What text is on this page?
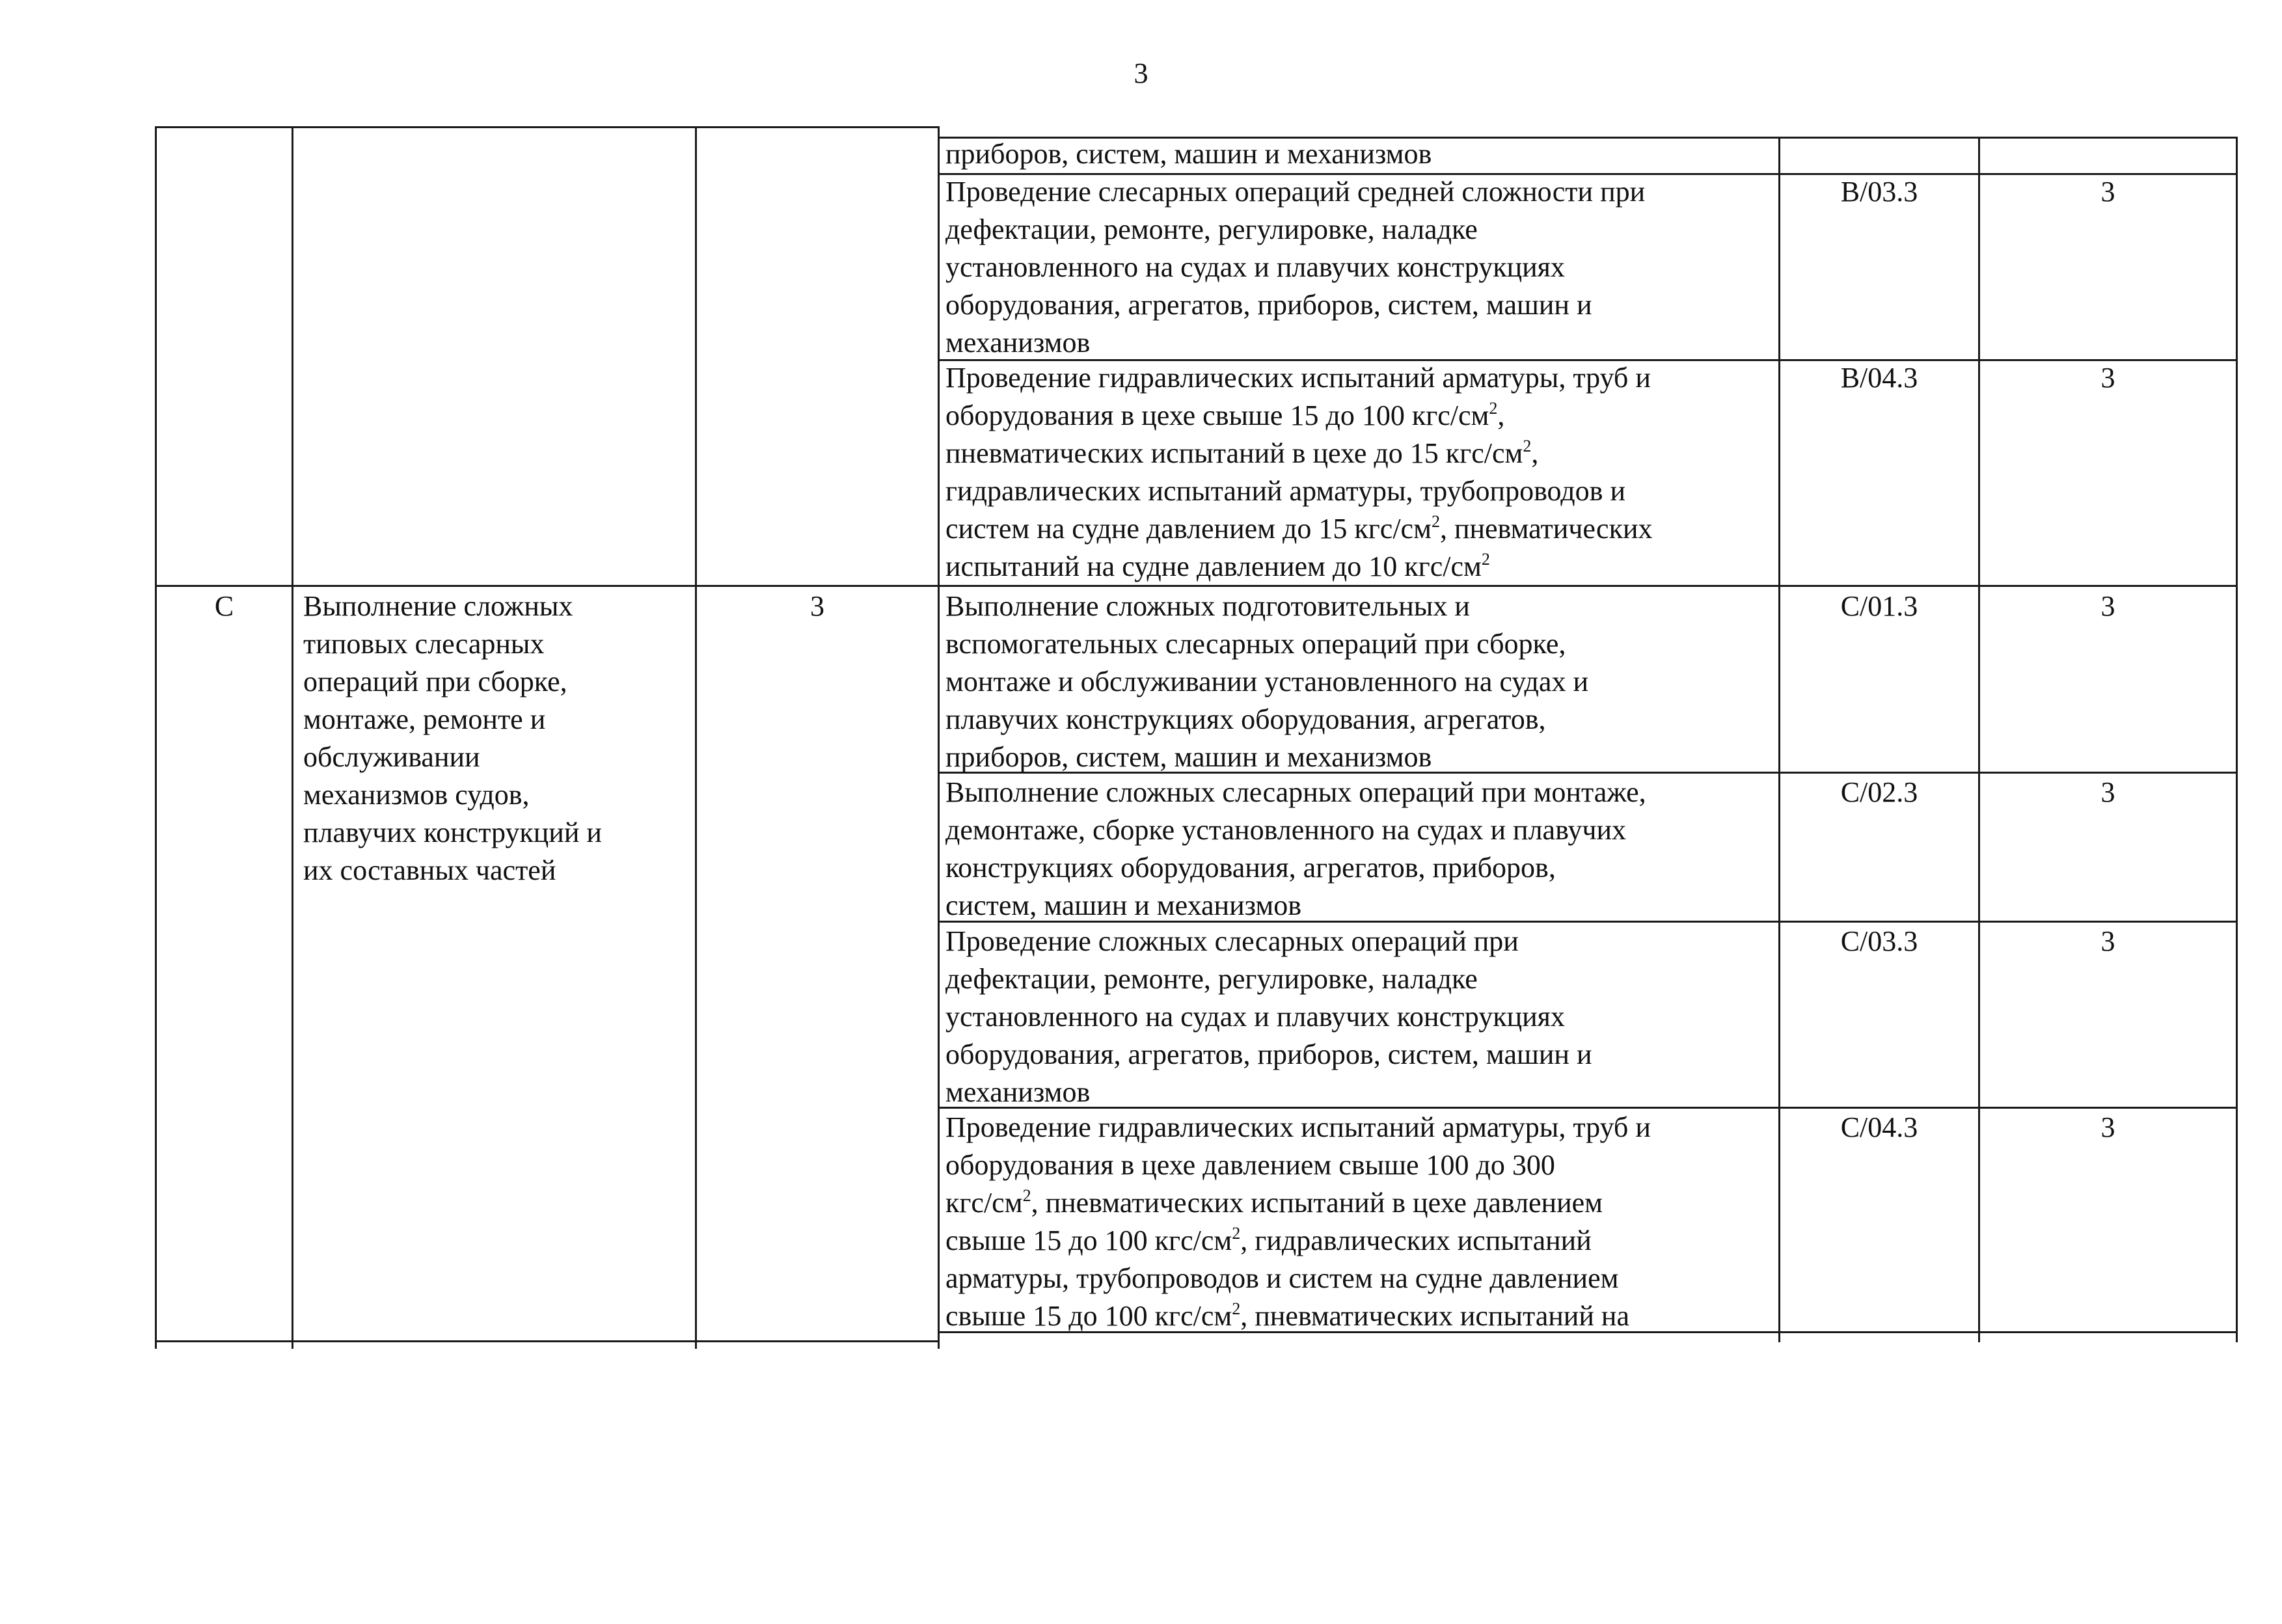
3
приборов, систем, машин и механизмов
Проведение слесарных операций средней сложности при
дефектации, ремонте, регулировке, наладке
установленного на судах и плавучих конструкциях
оборудования, агрегатов, приборов, систем, машин и
механизмов
B/03.3	3
Проведение гидравлических испытаний арматуры, труб и
оборудования в цехе свыше 15 до 100 кгс/$см^2$,
пневматических испытаний в цехе до 15 кгс/$см^2$,
гидравлических испытаний арматуры, трубопроводов и
систем на судне давлением до 15 кгс/$см^2$, пневматических
испытаний на судне давлением до 10 кгс/$см^2$
B/04.3	3
C	Выполнение сложных
типовых слесарных
операций при сборке,
монтаже, ремонте и
обслуживании
механизмов судов,
плавучих конструкций и
их составных частей
3	Выполнение сложных подготовительных и
вспомогательных слесарных операций при сборке,
монтаже и обслуживании установленного на судах и
плавучих конструкциях оборудования, агрегатов,
приборов, систем, машин и механизмов
C/01.3	3
Выполнение сложных слесарных операций при монтаже,
демонтаже, сборке установленного на судах и плавучих
конструкциях оборудования, агрегатов, приборов,
систем, машин и механизмов
C/02.3	3
Проведение сложных слесарных операций при
дефектации, ремонте, регулировке, наладке
установленного на судах и плавучих конструкциях
оборудования, агрегатов, приборов, систем, машин и
механизмов
C/03.3	3
Проведение гидравлических испытаний арматуры, труб и
оборудования в цехе давлением свыше 100 до 300
кгс/$см^2$, пневматических испытаний в цехе давлением
свыше 15 до 100 кгс/$см^2$, гидравлических испытаний
арматуры, трубопроводов и систем на судне давлением
свыше 15 до 100 кгс/$см^2$, пневматических испытаний на
C/04.3	3
